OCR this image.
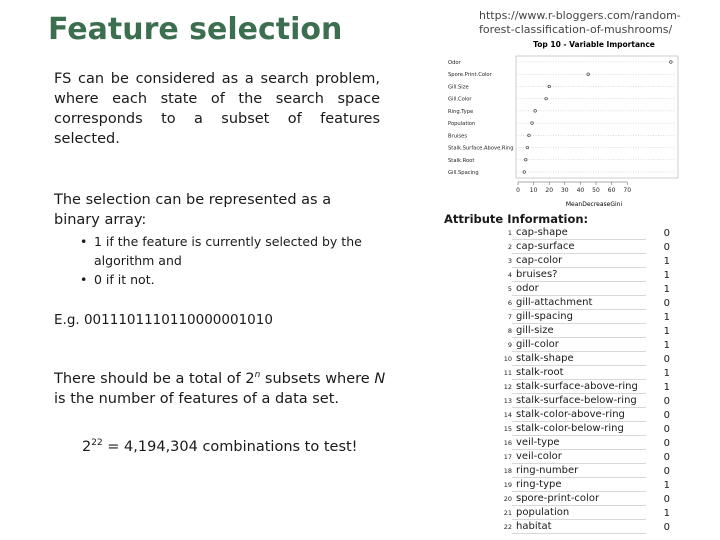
Feature selection

FS can be considered as a search problem, where each state of the search space corresponds to a subset of features selected.

The selection can be represented as a binary array:

• 1 if the feature is currently selected by the algorithm and
• 0 if it not.

E.g. 0011101110110000001010

There should be a total of 2$^n$ subsets where N is the number of features of a data set.

$2^{22} = 4,194,304$ combinations to test!

https://www.r-bloggers.com/random-forest-classification-of-mushrooms/

Top 10 - Variable Importance
Odor
Spore.Print.Color
Gill.Size
Gill.Color
Ring.Type
Population
Bruises
Stalk.Surface.Above.Ring
Stalk.Root
Gill.Spacing
0 10 20 30 40 50 60 70
MeanDecreaseGini

Attribute Information:

1 cap-shape	0
2 cap-surface	0
3 cap-color	1
4 bruises?	1
5 odor	1
6 gill-attachment	0
7 gill-spacing	1
8 gill-size	1
9 gill-color	1
10 stalk-shape	0
11 stalk-root	1
12 stalk-surface-above-ring	1
13 stalk-surface-below-ring	0
14 stalk-color-above-ring	0
15 stalk-color-below-ring	0
16 veil-type	0
17 veil-color	0
18 ring-number	0
19 ring-type	1
20 spore-print-color	0
21 population	1
22 habitat	0
